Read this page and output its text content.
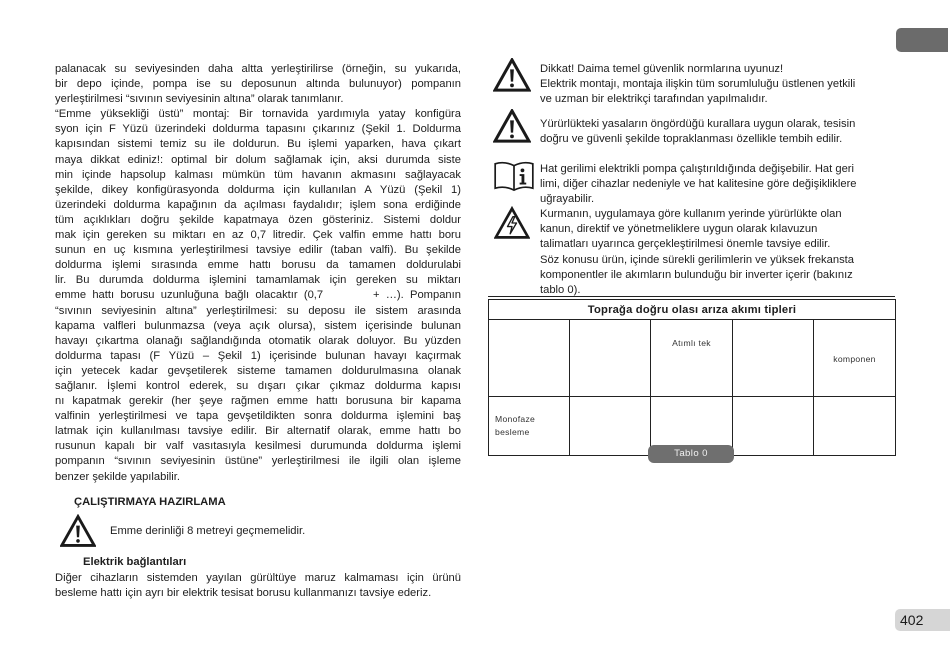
palanacak su seviyesinden daha altta yerleştirilirse (örneğin, su yukarıda,
bir depo içinde, pompa ise su deposunun altında bulunuyor) pompanın
yerleştirilmesi “sıvının seviyesinin altına” olarak tanımlanır.
“Emme yüksekliği üstü” montaj: Bir tornavida yardımıyla yatay konfigüra
syon için F Yüzü üzerindeki doldurma tapasını çıkarınız (Şekil 1. Doldurma
kapısından sistemi temiz su ile doldurun. Bu işlemi yaparken, hava çıkart
maya dikkat ediniz!: optimal bir dolum sağlamak için, aksi durumda siste
min içinde hapsolup kalması mümkün tüm havanın akmasını sağlayacak
şekilde, dikey konfigürasyonda doldurma için kullanılan A Yüzü (Şekil 1)
üzerindeki doldurma kapağının da açılması faydalıdır; işlem sona erdiğinde
tüm açıklıkları doğru şekilde kapatmaya özen gösteriniz. Sistemi doldur
mak için gereken su miktarı en az 0,7 litredir. Çek valfin emme hattı boru
sunun en uç kısmına yerleştirilmesi tavsiye edilir (taban valfi). Bu şekilde
doldurma işlemi sırasında emme hattı borusu da tamamen doldurulabi
lir. Bu durumda doldurma işlemini tamamlamak için gereken su miktarı
emme hattı borusu uzunluğuna bağlı olacaktır (0,7        + …). Pompanın
“sıvının seviyesinin altına” yerleştirilmesi: su deposu ile sistem arasında
kapama valfleri bulunmazsa (veya açık olursa), sistem içerisinde bulunan
havayı çıkartma olanağı sağlandığında otomatik olarak doluyor. Bu yüzden
doldurma tapası (F Yüzü – Şekil 1) içerisinde bulunan havayı kaçırmak
için yetecek kadar gevşetilerek sisteme tamamen doldurulmasına olanak
sağlanır. İşlemi kontrol ederek, su dışarı çıkar çıkmaz doldurma kapısı
nı kapatmak gerekir (her şeye rağmen emme hattı borusuna bir kapama
valfinin yerleştirilmesi ve tapa gevşetildikten sonra doldurma işlemini baş
latmak için kullanılması tavsiye edilir. Bir alternatif olarak, emme hattı bo
rusunun kapalı bir valf vasıtasıyla kesilmesi durumunda doldurma işlemi
pompanın “sıvının seviyesinin üstüne” yerleştirilmesi ile ilgili olan işleme
benzer şekilde yapılabilir.
ÇALIŞTIRMAYA HAZIRLAMA
Emme derinliği 8 metreyi geçmemelidir.
Elektrik bağlantıları
Diğer cihazların sistemden yayılan gürültüye maruz kalmaması için ürünü
besleme hattı için ayrı bir elektrik tesisat borusu kullanmanızı tavsiye ederiz.
Dikkat! Daima temel güvenlik normlarına uyunuz!
Elektrik montajı, montaja ilişkin tüm sorumluluğu üstlenen yetkili
ve uzman bir elektrikçi tarafından yapılmalıdır.
Yürürlükteki yasaların öngördüğü kurallara uygun olarak, tesisin
doğru ve güvenli şekilde topraklanması özellikle tembih edilir.
Hat gerilimi elektrikli pompa çalıştırıldığında değişebilir. Hat geri
limi, diğer cihazlar nedeniyle ve hat kalitesine göre değişikliklere
uğrayabilir.
Kurmanın, uygulamaya göre kullanım yerinde yürürlükte olan
kanun, direktif ve yönetmeliklere uygun olarak kılavuzun
talimatları uyarınca gerçekleştirilmesi önemle tavsiye edilir.
Söz konusu ürün, içinde sürekli gerilimlerin ve yüksek frekansta
komponentler ile akımların bulunduğu bir inverter içerir (bakınız
tablo 0).
Toprağa doğru olası arıza akımı tipleri				
		Atımlı tek		komponen
Monofaze besleme				
Tablo 0
402
